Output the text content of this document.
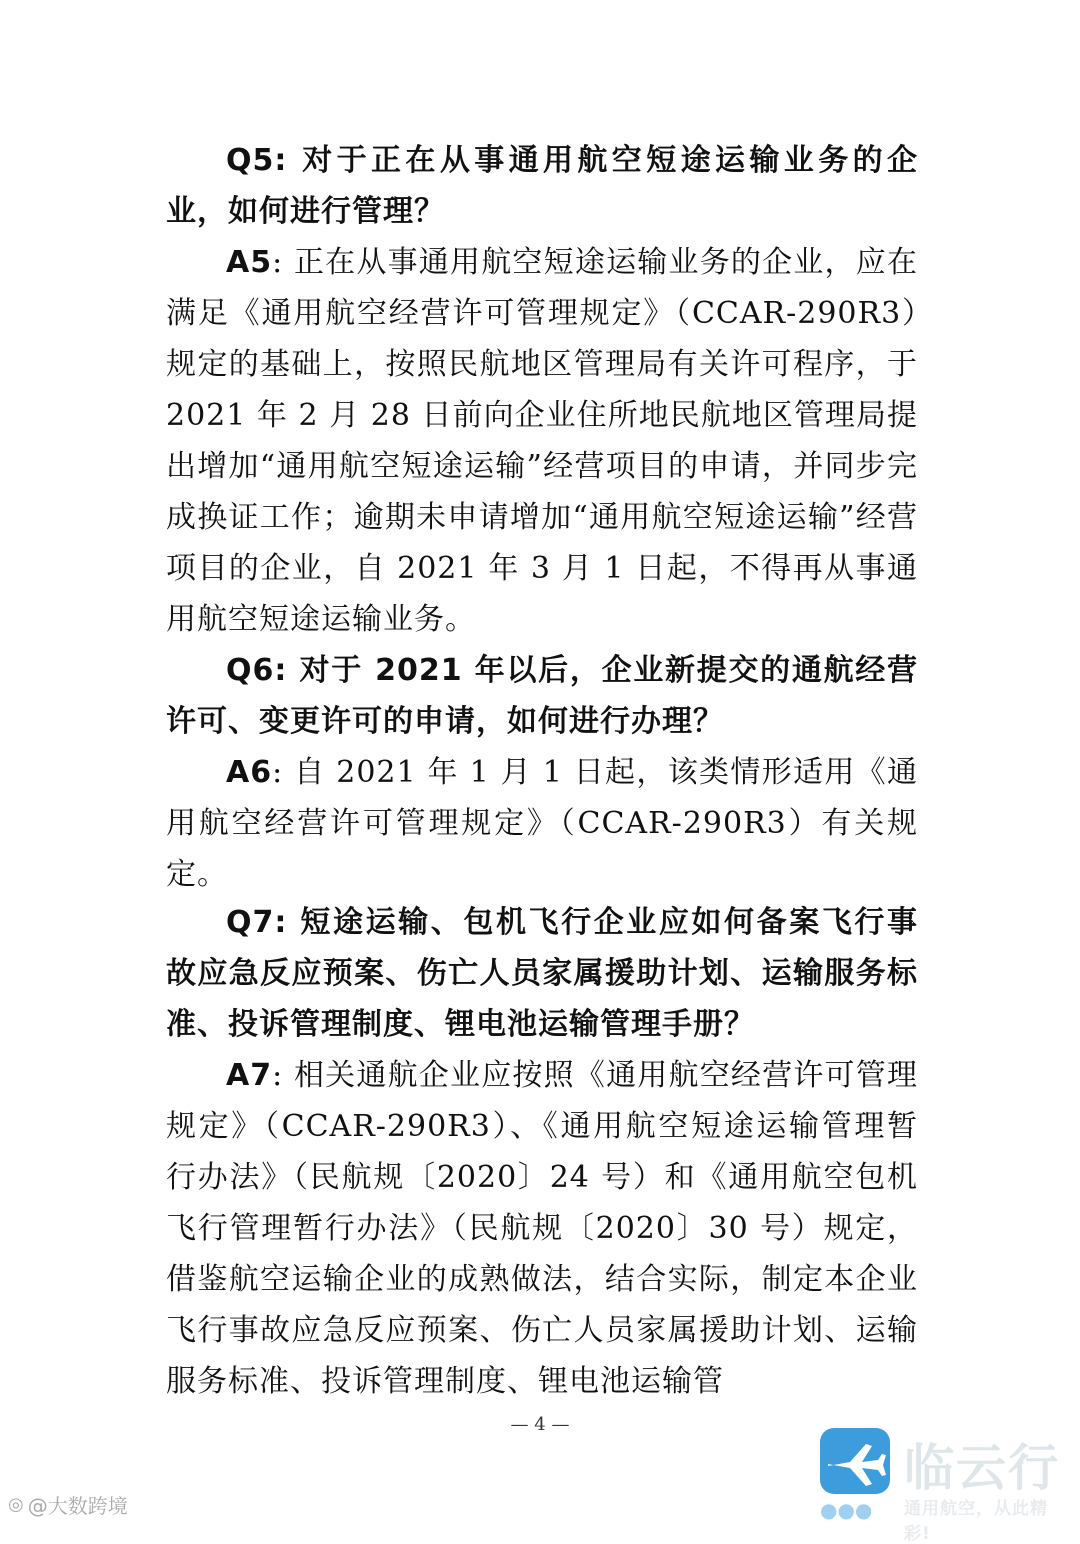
Q5: 对于正在从事通用航空短途运输业务的企业，如何进行管理？

A5: 正在从事通用航空短途运输业务的企业，应在满足《通用航空经营许可管理规定》（CCAR-290R3）规定的基础上，按照民航地区管理局有关许可程序，于 2021 年 2 月 28 日前向企业住所地民航地区管理局提出增加“通用航空短途运输”经营项目的申请，并同步完成换证工作；逾期未申请增加“通用航空短途运输”经营项目的企业，自 2021 年 3 月 1 日起，不得再从事通用航空短途运输业务。

Q6: 对于 2021 年以后，企业新提交的通航经营许可、变更许可的申请，如何进行办理？

A6: 自 2021 年 1 月 1 日起，该类情形适用《通用航空经营许可管理规定》（CCAR-290R3）有关规定。

Q7: 短途运输、包机飞行企业应如何备案飞行事故应急反应预案、伤亡人员家属援助计划、运输服务标准、投诉管理制度、锂电池运输管理手册？

A7: 相关通航企业应按照《通用航空经营许可管理规定》（CCAR-290R3）、《通用航空短途运输管理暂行办法》（民航规〔2020〕24 号）和《通用航空包机飞行管理暂行办法》（民航规〔2020〕30 号）规定，借鉴航空运输企业的成熟做法，结合实际，制定本企业飞行事故应急反应预案、伤亡人员家属援助计划、运输服务标准、投诉管理制度、锂电池运输管

— 4 —
◎ @大数跨境	●●●
临云行
通用航空，从此精彩!
